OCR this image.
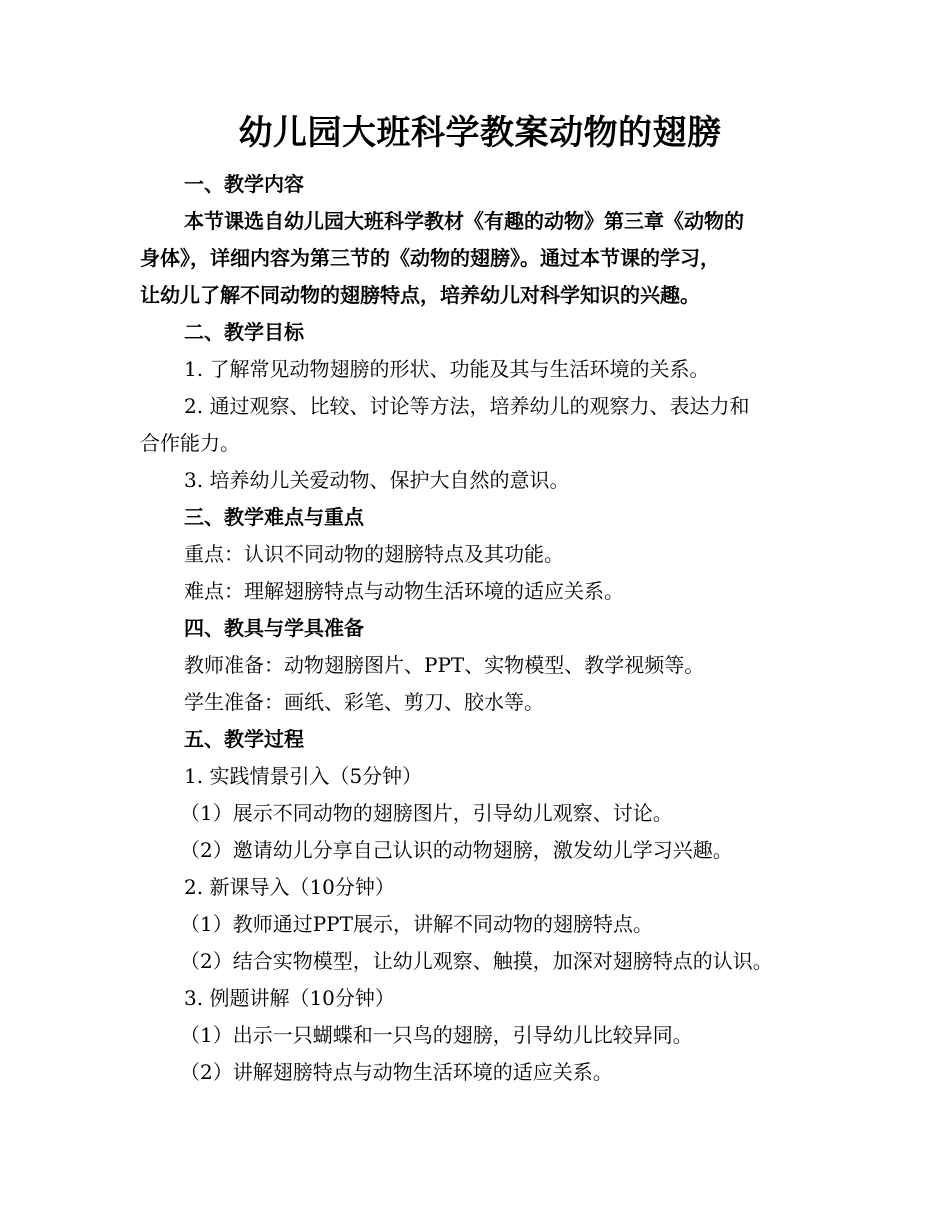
幼儿园大班科学教案动物的翅膀

一、教学内容

本节课选自幼儿园大班科学教材《有趣的动物》第三章《动物的

身体》，详细内容为第三节的《动物的翅膀》。通过本节课的学习，

让幼儿了解不同动物的翅膀特点，培养幼儿对科学知识的兴趣。

二、教学目标

1. 了解常见动物翅膀的形状、功能及其与生活环境的关系。

2. 通过观察、比较、讨论等方法，培养幼儿的观察力、表达力和

合作能力。

3. 培养幼儿关爱动物、保护大自然的意识。

三、教学难点与重点

重点：认识不同动物的翅膀特点及其功能。

难点：理解翅膀特点与动物生活环境的适应关系。

四、教具与学具准备

教师准备：动物翅膀图片、PPT、实物模型、教学视频等。

学生准备：画纸、彩笔、剪刀、胶水等。

五、教学过程

1. 实践情景引入（5分钟）

（1）展示不同动物的翅膀图片，引导幼儿观察、讨论。

（2）邀请幼儿分享自己认识的动物翅膀，激发幼儿学习兴趣。

2. 新课导入（10分钟）

（1）教师通过PPT展示，讲解不同动物的翅膀特点。

（2）结合实物模型，让幼儿观察、触摸，加深对翅膀特点的认识。

3. 例题讲解（10分钟）

（1）出示一只蝴蝶和一只鸟的翅膀，引导幼儿比较异同。

（2）讲解翅膀特点与动物生活环境的适应关系。
